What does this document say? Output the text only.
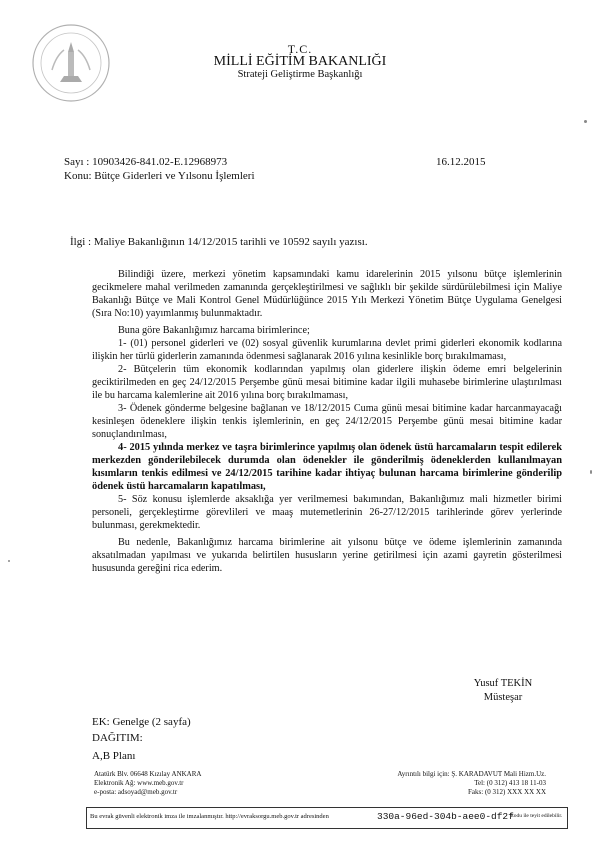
T.C.
MİLLİ EĞİTİM BAKANLIĞI
Strateji Geliştirme Başkanlığı
Sayı : 10903426-841.02-E.12968973
Konu: Bütçe Giderleri ve Yılsonu İşlemleri
16.12.2015
İlgi : Maliye Bakanlığının 14/12/2015 tarihli ve 10592 sayılı yazısı.

Bilindiği üzere, merkezi yönetim kapsamındaki kamu idarelerinin 2015 yılsonu bütçe işlemlerinin gecikmelere mahal verilmeden zamanında gerçekleştirilmesi ve sağlıklı bir şekilde sürdürülebilmesi için Maliye Bakanlığı Bütçe ve Mali Kontrol Genel Müdürlüğünce 2015 Yılı Merkezi Yönetim Bütçe Uygulama Genelgesi (Sıra No:10) yayımlanmış bulunmaktadır.

Buna göre Bakanlığımız harcama birimlerince;

1- (01) personel giderleri ve (02) sosyal güvenlik kurumlarına devlet primi giderleri ekonomik kodlarına ilişkin her türlü giderlerin zamanında ödenmesi sağlanarak 2016 yılına kesinlikle borç bırakılmaması,

2- Bütçelerin tüm ekonomik kodlarından yapılmış olan giderlere ilişkin ödeme emri belgelerinin geciktirilmeden en geç 24/12/2015 Perşembe günü mesai bitimine kadar ilgili muhasebe birimlerine ulaştırılması ile bu harcama kalemlerine ait 2016 yılına borç bırakılmaması,

3- Ödenek gönderme belgesine bağlanan ve 18/12/2015 Cuma günü mesai bitimine kadar harcanmayacağı kesinleşen ödeneklere ilişkin tenkis işlemlerinin, en geç 24/12/2015 Perşembe günü mesai bitimine kadar sonuçlandırılması,

4- 2015 yılında merkez ve taşra birimlerince yapılmış olan ödenek üstü harcamaların tespit edilerek merkezden gönderilebilecek durumda olan ödenekler ile gönderilmiş ödeneklerden kullanılmayan kısımların tenkis edilmesi ve 24/12/2015 tarihine kadar ihtiyaç bulunan harcama birimlerine gönderilip ödenek üstü harcamaların kapatılması,

5- Söz konusu işlemlerde aksaklığa yer verilmemesi bakımından, Bakanlığımız mali hizmetler birimi personeli, gerçekleştirme görevlileri ve maaş mutemetlerinin 26-27/12/2015 tarihlerinde görev yerlerinde bulunması, gerekmektedir.

Bu nedenle, Bakanlığımız harcama birimlerine ait yılsonu bütçe ve ödeme işlemlerinin zamanında aksatılmadan yapılması ve yukarıda belirtilen hususların yerine getirilmesi için azami gayretin gösterilmesi hususunda gereğini rica ederim.

Yusuf TEKİN
Müsteşar
EK: Genelge (2 sayfa)
DAĞITIM:
A,B Planı
Atatürk Blv. 06648 Kızılay ANKARA
Elektronik Ağ: www.meb.gov.tr
e-posta: adsoyad@meb.gov.tr
Ayrıntılı bilgi için: Ş. KARADAVUT Mali Hizm.Uz.
Tel: (0 312) 413 18 11-03
Faks: (0 312) XXX XX XX
Bu evrak güvenli elektronik imza ile imzalanmıştır. http://evraksorgu.meb.gov.tr adresinden	330a-96ed-304b-aee0-df2f
kodu ile teyit edilebilir.
